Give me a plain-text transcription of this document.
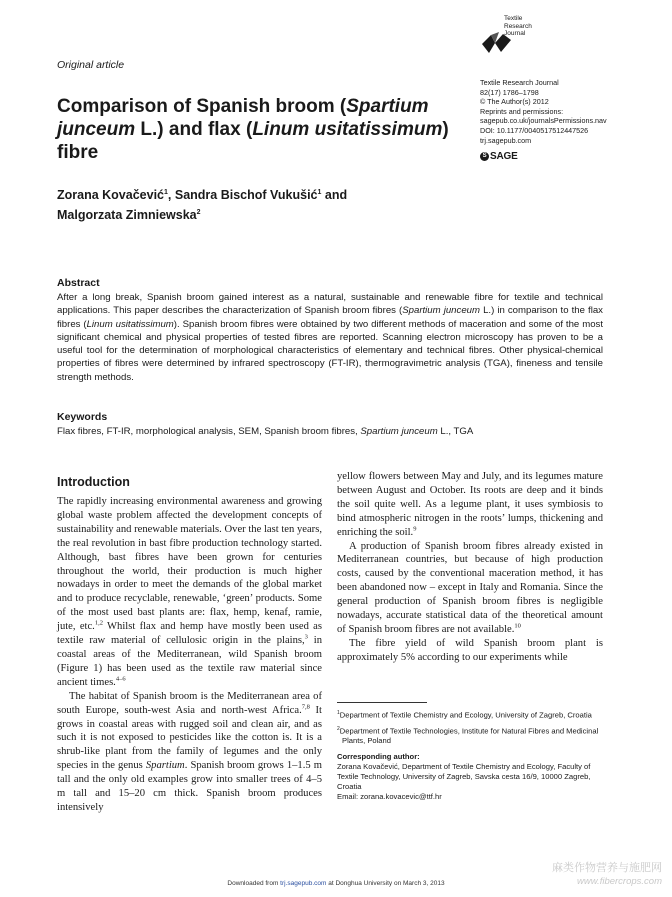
Original article
Textile
Research
Journal
Textile Research Journal
82(17) 1786–1798
© The Author(s) 2012
Reprints and permissions:
sagepub.co.uk/journalsPermissions.nav
DOI: 10.1177/0040517512447526
trj.sagepub.com
S SAGE
Comparison of Spanish broom (Spartium junceum L.) and flax (Linum usitatissimum) fibre
Zorana Kovačević$^1$, Sandra Bischof Vukušić$^1$ and
Malgorzata Zimniewska$^2$
Abstract
After a long break, Spanish broom gained interest as a natural, sustainable and renewable fibre for textile and technical applications. This paper describes the characterization of Spanish broom fibres (Spartium junceum L.) in comparison to the flax fibres (Linum usitatissimum). Spanish broom fibres were obtained by two different methods of maceration and some of the most significant chemical and physical properties of tested fibres are reported. Scanning electron microscopy has proven to be a useful tool for the determination of morphological characteristics of elementary and technical fibres. Other physical-chemical properties of fibres were determined by infrared spectroscopy (FT-IR), thermogravimetric analysis (TGA), fineness and tensile strength methods.
Keywords
Flax fibres, FT-IR, morphological analysis, SEM, Spanish broom fibres, Spartium junceum L., TGA
Introduction

The rapidly increasing environmental awareness and growing global waste problem affected the development concepts of sustainability and renewable materials. Over the last ten years, the real revolution in bast fibre production technology started. Although, bast fibres have been grown for centuries throughout the world, their production is much higher nowadays in order to meet the demands of the global market and to produce recyclable, renewable, ‘green’ products. Some of the most used bast plants are: flax, hemp, kenaf, ramie, jute, etc.$^{1,2}$ Whilst flax and hemp have mostly been used as textile raw material of cellulosic origin in the plains,$^3$ in coastal areas of the Mediterranean, wild Spanish broom (Figure 1) has been used as the textile raw material since ancient times.$^{4-6}$

The habitat of Spanish broom is the Mediterranean area of south Europe, south-west Asia and north-west Africa.$^{7,8}$ It grows in coastal areas with rugged soil and clean air, and as such it is not exposed to pesticides like the cotton is. It is a shrub-like plant from the family of legumes and the only species in the genus Spartium. Spanish broom grows 1–1.5 m tall and the only old examples grow into smaller trees of 4–5 m tall and 15–20 cm thick. Spanish broom produces intensively

yellow flowers between May and July, and its legumes mature between August and October. Its roots are deep and it binds the soil quite well. As a legume plant, it uses symbiosis to bind atmospheric nitrogen in the roots’ lumps, thickening and enriching the soil.$^9$

A production of Spanish broom fibres already existed in Mediterranean countries, but because of high production costs, caused by the conventional maceration method, it has been abandoned now – except in Italy and Romania. Since the general production of Spanish broom fibres is negligible nowadays, accurate statistical data of the theoretical amount of Spanish broom fibres are not available.$^{10}$

The fibre yield of wild Spanish broom plant is approximately 5% according to our experiments while

$^1$Department of Textile Chemistry and Ecology, University of Zagreb, Croatia
$^2$Department of Textile Technologies, Institute for Natural Fibres and Medicinal Plants, Poland
Corresponding author:
Zorana Kovačević, Department of Textile Chemistry and Ecology, Faculty of Textile Technology, University of Zagreb, Savska cesta 16/9, 10000 Zagreb, Croatia
Email: zorana.kovacevic@ttf.hr
Downloaded from trj.sagepub.com at Donghua University on March 3, 2013
麻类作物营养与施肥网
www.fibercrops.com
